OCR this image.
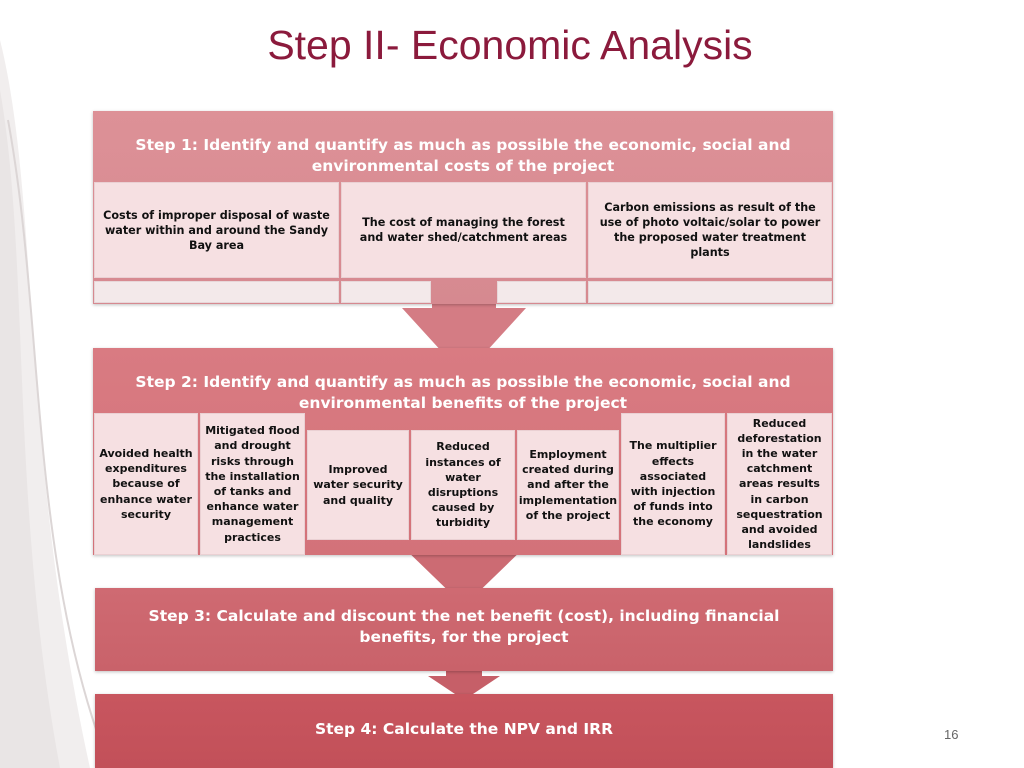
Step II- Economic Analysis
Step 1: Identify and quantify as much as possible the economic, social and environmental costs of the project
Costs of improper disposal of waste water within and around the Sandy Bay area
The cost of managing the forest and water shed/catchment areas
Carbon emissions as result of the use of photo voltaic/solar to power the proposed water treatment plants
Step 2: Identify and quantify as much as possible the economic, social and environmental benefits of the project
Avoided health expenditures because of enhance water security
Mitigated flood and drought risks through the installation of tanks and enhance water management practices
Improved water security and quality
Reduced instances of water disruptions caused by turbidity
Employment created during and after the implementation of the project
The multiplier effects associated with injection of funds into the economy
Reduced deforestation in the water catchment areas results in carbon sequestration and avoided landslides
Step 3: Calculate and discount the net benefit (cost), including financial benefits, for the project
Step 4: Calculate the NPV and IRR	16
